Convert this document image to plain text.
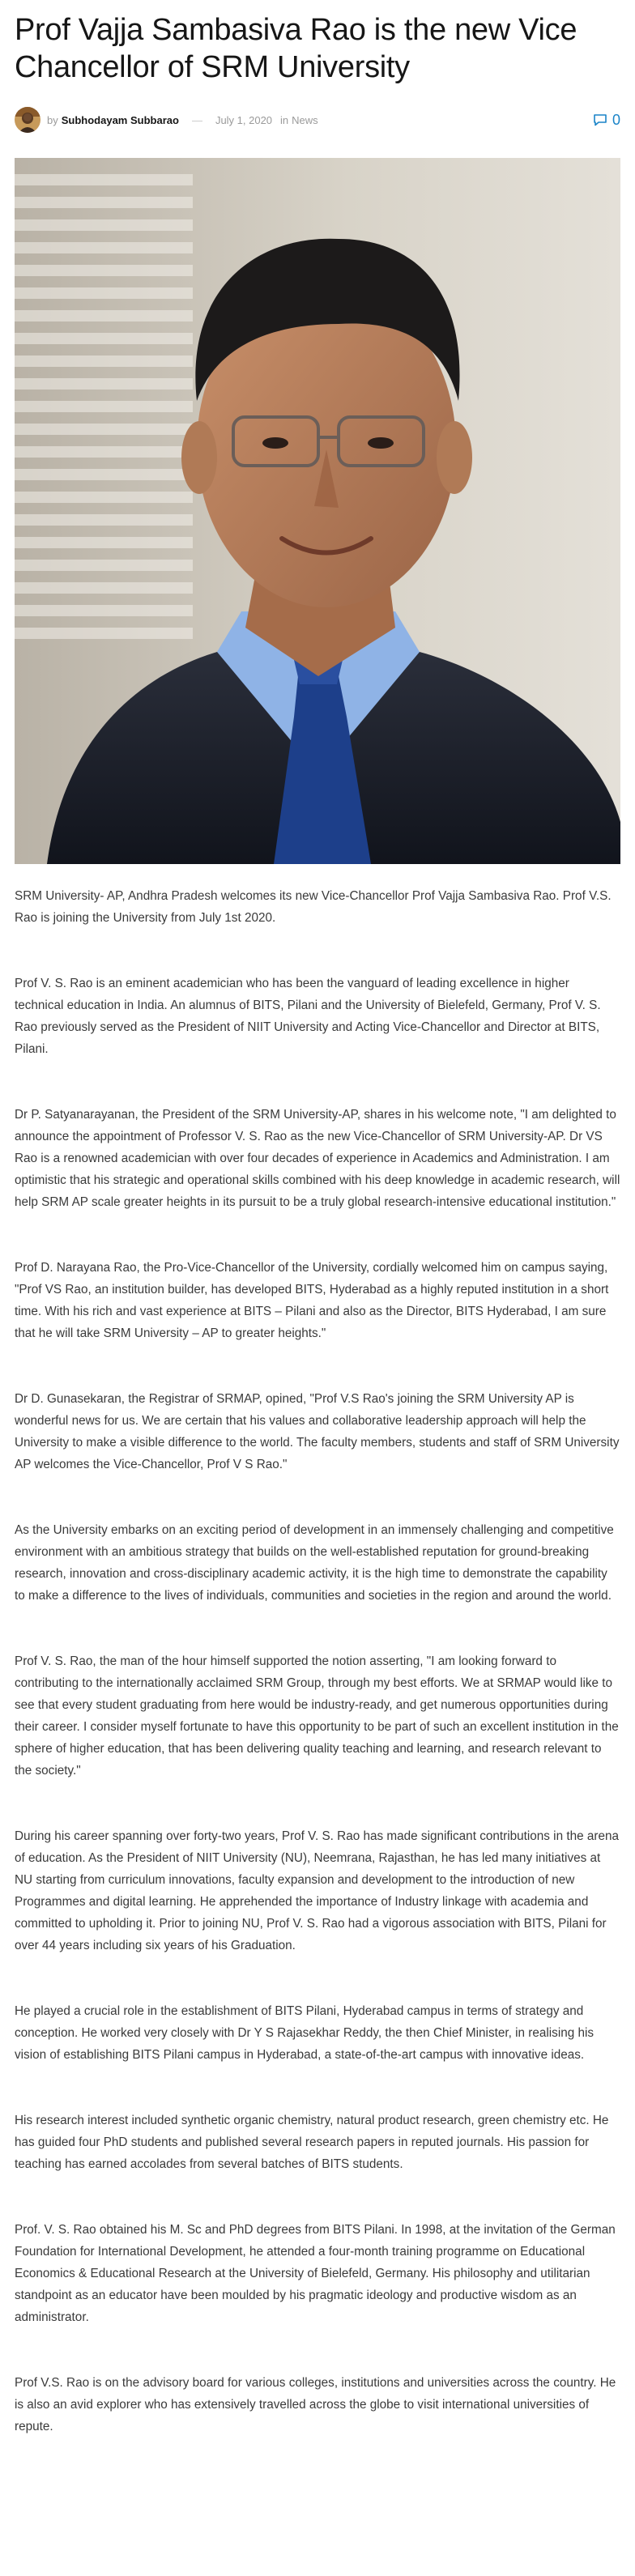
Prof Vajja Sambasiva Rao is the new Vice Chancellor of SRM University
by Subhodayam Subbarao — July 1, 2020 in News	0

SRM University- AP, Andhra Pradesh welcomes its new Vice-Chancellor Prof Vajja Sambasiva Rao. Prof V.S. Rao is joining the University from July 1st 2020.

Prof V. S. Rao is an eminent academician who has been the vanguard of leading excellence in higher technical education in India. An alumnus of BITS, Pilani and the University of Bielefeld, Germany, Prof V. S. Rao previously served as the President of NIIT University and Acting Vice-Chancellor and Director at BITS, Pilani.

Dr P. Satyanarayanan, the President of the SRM University-AP, shares in his welcome note, "I am delighted to announce the appointment of Professor V. S. Rao as the new Vice-Chancellor of SRM University-AP. Dr VS Rao is a renowned academician with over four decades of experience in Academics and Administration. I am optimistic that his strategic and operational skills combined with his deep knowledge in academic research, will help SRM AP scale greater heights in its pursuit to be a truly global research-intensive educational institution."

Prof D. Narayana Rao, the Pro-Vice-Chancellor of the University, cordially welcomed him on campus saying, "Prof VS Rao, an institution builder, has developed BITS, Hyderabad as a highly reputed institution in a short time. With his rich and vast experience at BITS – Pilani and also as the Director, BITS Hyderabad, I am sure that he will take SRM University – AP to greater heights."

Dr D. Gunasekaran, the Registrar of SRMAP, opined, "Prof V.S Rao's joining the SRM University AP is wonderful news for us. We are certain that his values and collaborative leadership approach will help the University to make a visible difference to the world. The faculty members, students and staff of SRM University AP welcomes the Vice-Chancellor, Prof V S Rao."

As the University embarks on an exciting period of development in an immensely challenging and competitive environment with an ambitious strategy that builds on the well-established reputation for ground-breaking research, innovation and cross-disciplinary academic activity, it is the high time to demonstrate the capability to make a difference to the lives of individuals, communities and societies in the region and around the world.

Prof V. S. Rao, the man of the hour himself supported the notion asserting, "I am looking forward to contributing to the internationally acclaimed SRM Group, through my best efforts. We at SRMAP would like to see that every student graduating from here would be industry-ready, and get numerous opportunities during their career. I consider myself fortunate to have this opportunity to be part of such an excellent institution in the sphere of higher education, that has been delivering quality teaching and learning, and research relevant to the society."

During his career spanning over forty-two years, Prof V. S. Rao has made significant contributions in the arena of education. As the President of NIIT University (NU), Neemrana, Rajasthan, he has led many initiatives at NU starting from curriculum innovations, faculty expansion and development to the introduction of new Programmes and digital learning. He apprehended the importance of Industry linkage with academia and committed to upholding it. Prior to joining NU, Prof V. S. Rao had a vigorous association with BITS, Pilani for over 44 years including six years of his Graduation.

He played a crucial role in the establishment of BITS Pilani, Hyderabad campus in terms of strategy and conception. He worked very closely with Dr Y S Rajasekhar Reddy, the then Chief Minister, in realising his vision of establishing BITS Pilani campus in Hyderabad, a state-of-the-art campus with innovative ideas.

His research interest included synthetic organic chemistry, natural product research, green chemistry etc. He has guided four PhD students and published several research papers in reputed journals. His passion for teaching has earned accolades from several batches of BITS students.

Prof. V. S. Rao obtained his M. Sc and PhD degrees from BITS Pilani. In 1998, at the invitation of the German Foundation for International Development, he attended a four-month training programme on Educational Economics & Educational Research at the University of Bielefeld, Germany. His philosophy and utilitarian standpoint as an educator have been moulded by his pragmatic ideology and productive wisdom as an administrator.

Prof V.S. Rao is on the advisory board for various colleges, institutions and universities across the country. He is also an avid explorer who has extensively travelled across the globe to visit international universities of repute.
